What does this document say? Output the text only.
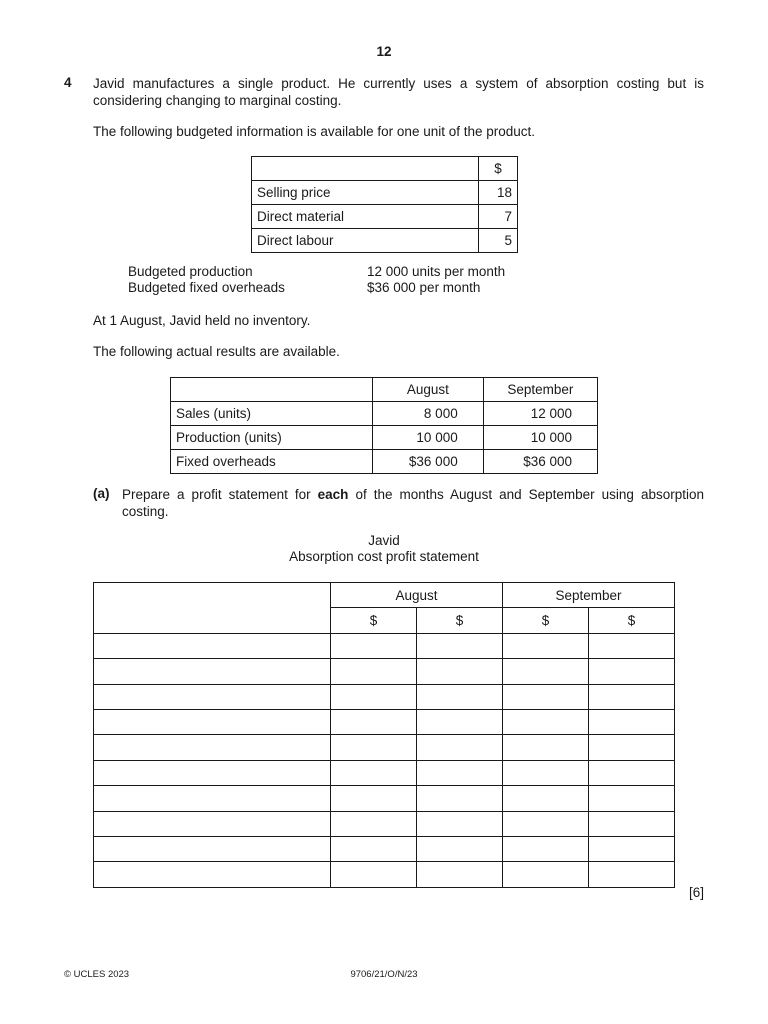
12
4 Javid manufactures a single product. He currently uses a system of absorption costing but is considering changing to marginal costing.
The following budgeted information is available for one unit of the product.
	$
Selling price	18
Direct material	7
Direct labour	5
Budgeted production	12 000 units per month
Budgeted fixed overheads	$36 000 per month
At 1 August, Javid held no inventory.
The following actual results are available.
	August	September
Sales (units)	8 000	12 000
Production (units)	10 000	10 000
Fixed overheads	$36 000	$36 000
(a) Prepare a profit statement for each of the months August and September using absorption costing.
Javid
Absorption cost profit statement
	August		September	
	$	$	$	$

[6]
© UCLES 2023	9706/21/O/N/23
